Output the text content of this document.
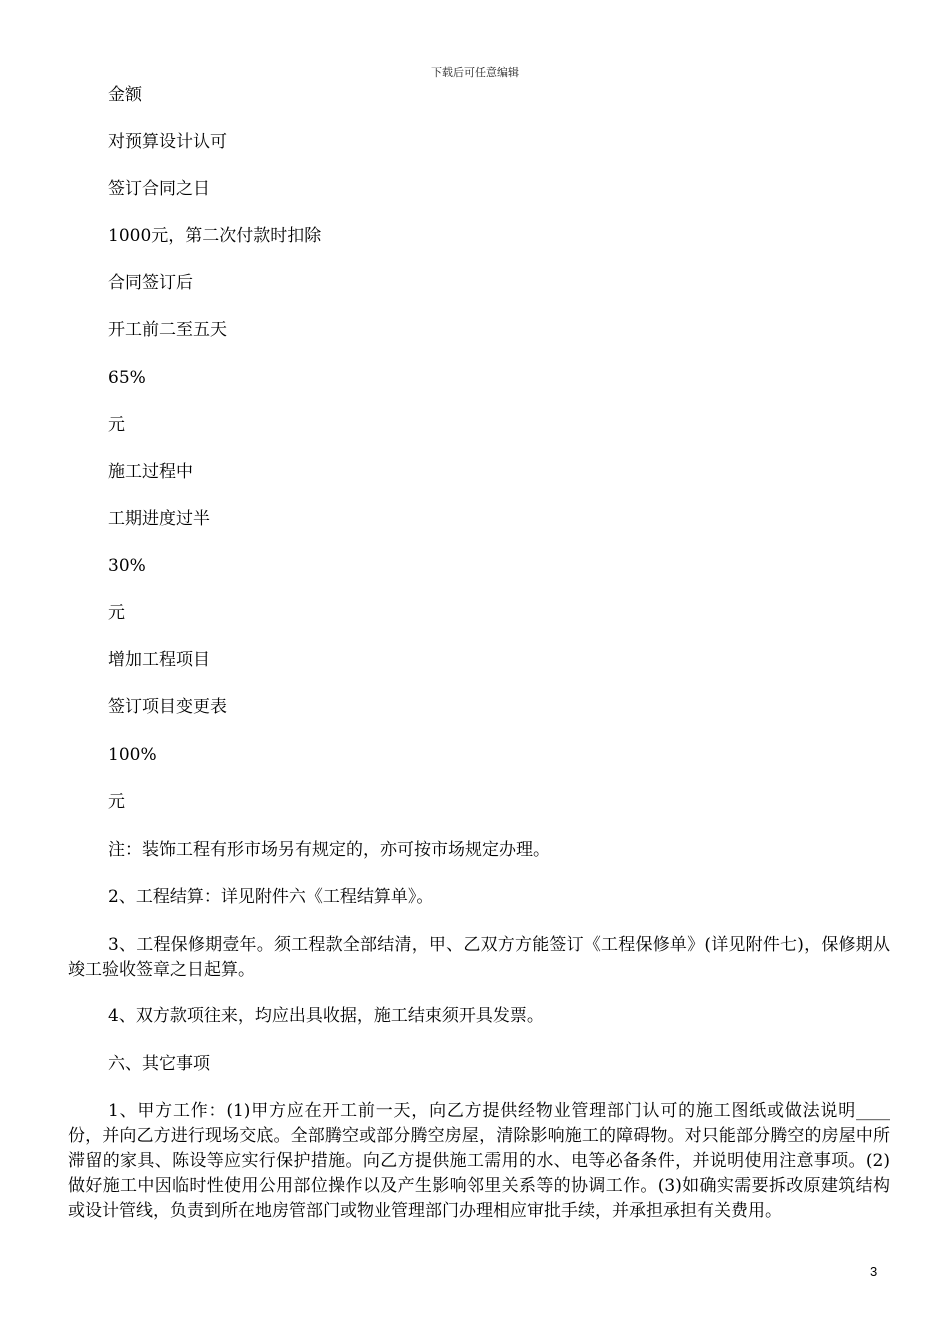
下载后可任意编辑
金额
对预算设计认可
签订合同之日
1000元，第二次付款时扣除
合同签订后
开工前二至五天
65%
元
施工过程中
工期进度过半
30%
元
增加工程项目
签订项目变更表
100%
元
注：装饰工程有形市场另有规定的，亦可按市场规定办理。
2、工程结算：详见附件六《工程结算单》。
3、工程保修期壹年。须工程款全部结清，甲、乙双方方能签订《工程保修单》(详见附件七)，保修期从竣工验收签章之日起算。
4、双方款项往来，均应出具收据，施工结束须开具发票。
六、其它事项
1、甲方工作：(1)甲方应在开工前一天，向乙方提供经物业管理部门认可的施工图纸或做法说明____份，并向乙方进行现场交底。全部腾空或部分腾空房屋，清除影响施工的障碍物。对只能部分腾空的房屋中所滞留的家具、陈设等应实行保护措施。向乙方提供施工需用的水、电等必备条件，并说明使用注意事项。(2)做好施工中因临时性使用公用部位操作以及产生影响邻里关系等的协调工作。(3)如确实需要拆改原建筑结构或设计管线，负责到所在地房管部门或物业管理部门办理相应审批手续，并承担承担有关费用。
3
